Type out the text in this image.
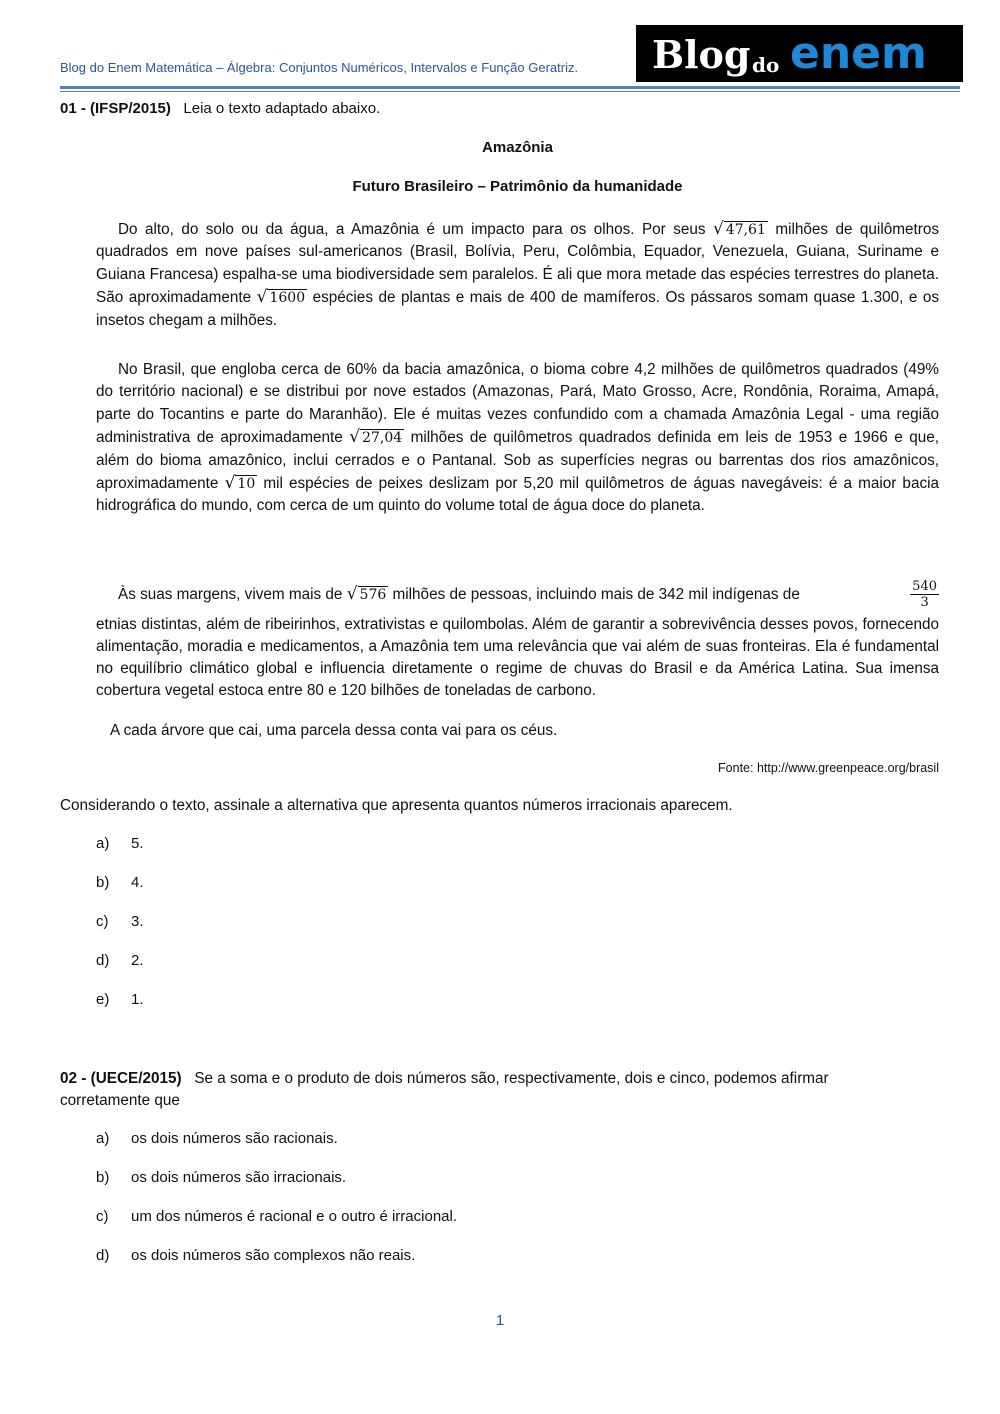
Blog do Enem Matemática – Álgebra: Conjuntos Numéricos, Intervalos e Função Geratriz. Blog do enem
01 - (IFSP/2015) Leia o texto adaptado abaixo.
Amazônia
Futuro Brasileiro – Patrimônio da humanidade
Do alto, do solo ou da água, a Amazônia é um impacto para os olhos. Por seus √ 47,61 milhões de quilômetros quadrados em nove países sul-americanos (Brasil, Bolívia, Peru, Colômbia, Equador, Venezuela, Guiana, Suriname e Guiana Francesa) espalha-se uma biodiversidade sem paralelos. É ali que mora metade das espécies terrestres do planeta. São aproximadamente √ 1600 espécies de plantas e mais de 400 de mamíferos. Os pássaros somam quase 1.300, e os insetos chegam a milhões.
No Brasil, que engloba cerca de 60% da bacia amazônica, o bioma cobre 4,2 milhões de quilômetros quadrados (49% do território nacional) e se distribui por nove estados (Amazonas, Pará, Mato Grosso, Acre, Rondônia, Roraima, Amapá, parte do Tocantins e parte do Maranhão). Ele é muitas vezes confundido com a chamada Amazônia Legal - uma região administrativa de aproximadamente √ 27,04 milhões de quilômetros quadrados definida em leis de 1953 e 1966 e que, além do bioma amazônico, inclui cerrados e o Pantanal. Sob as superfícies negras ou barrentas dos rios amazônicos, aproximadamente √ 10 mil espécies de peixes deslizam por 5,20 mil quilômetros de águas navegáveis: é a maior bacia hidrográfica do mundo, com cerca de um quinto do volume total de água doce do planeta.
Às suas margens, vivem mais de √ 576 milhões de pessoas, incluindo mais de 342 mil indígenas de	$\frac{540}{3}$
etnias distintas, além de ribeirinhos, extrativistas e quilombolas. Além de garantir a sobrevivência desses povos, fornecendo alimentação, moradia e medicamentos, a Amazônia tem uma relevância que vai além de suas fronteiras. Ela é fundamental no equilíbrio climático global e influencia diretamente o regime de chuvas do Brasil e da América Latina. Sua imensa cobertura vegetal estoca entre 80 e 120 bilhões de toneladas de carbono.
A cada árvore que cai, uma parcela dessa conta vai para os céus.
Fonte: http://www.greenpeace.org/brasil
Considerando o texto, assinale a alternativa que apresenta quantos números irracionais aparecem.
a) 5.
b) 4.
c) 3.
d) 2.
e) 1.
02 - (UECE/2015) Se a soma e o produto de dois números são, respectivamente, dois e cinco, podemos afirmar corretamente que
a) os dois números são racionais.
b) os dois números são irracionais.
c) um dos números é racional e o outro é irracional.
d) os dois números são complexos não reais.
1
